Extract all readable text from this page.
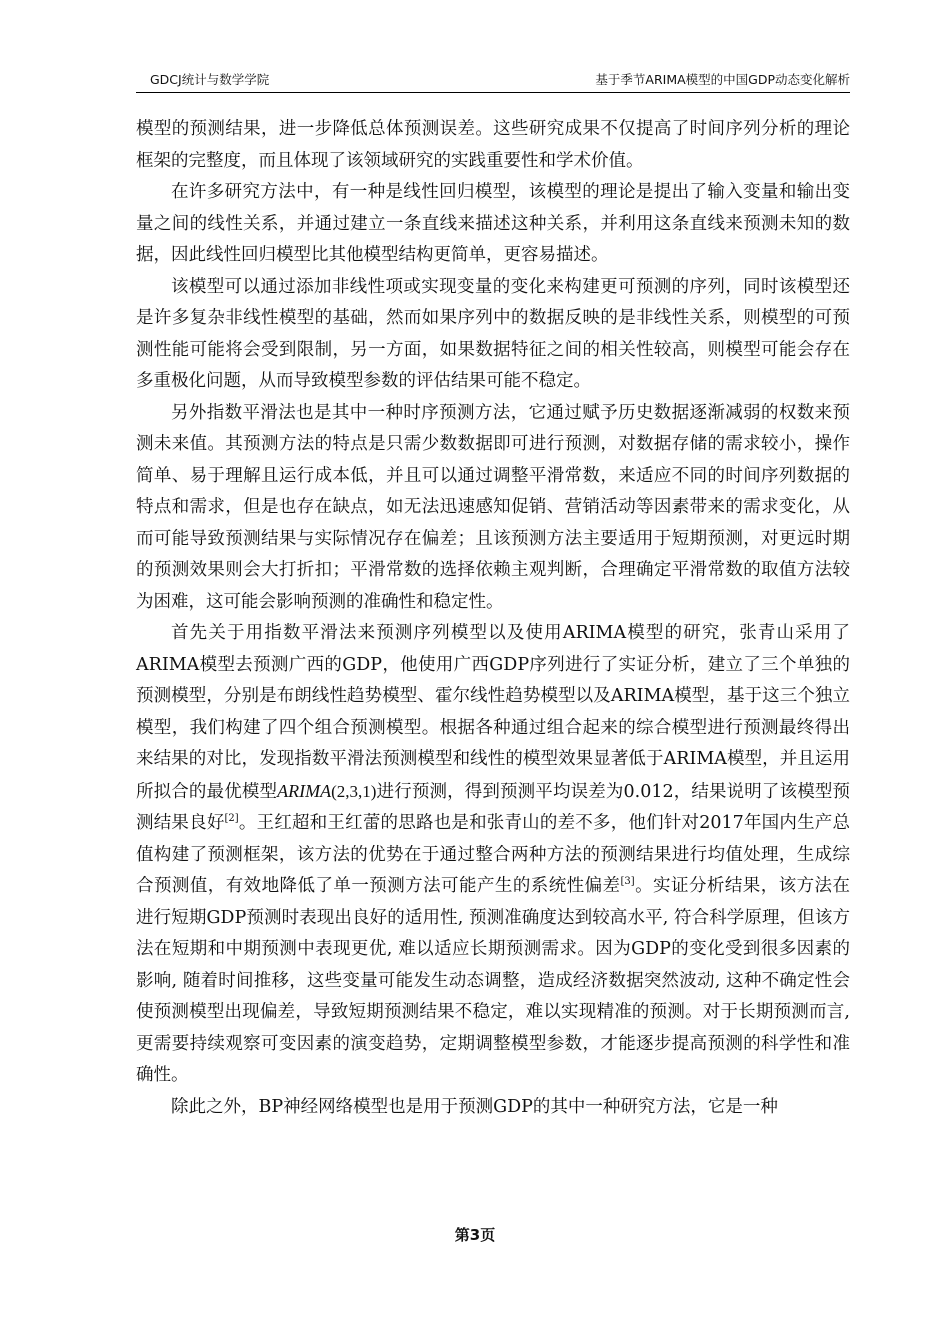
GDCJ统计与数学学院	基于季节ARIMA模型的中国GDP动态变化解析

模型的预测结果，进一步降低总体预测误差。这些研究成果不仅提高了时间序列分析的理论框架的完整度，而且体现了该领域研究的实践重要性和学术价值。

在许多研究方法中，有一种是线性回归模型，该模型的理论是提出了输入变量和输出变量之间的线性关系，并通过建立一条直线来描述这种关系，并利用这条直线来预测未知的数据，因此线性回归模型比其他模型结构更简单，更容易描述。

该模型可以通过添加非线性项或实现变量的变化来构建更可预测的序列，同时该模型还是许多复杂非线性模型的基础，然而如果序列中的数据反映的是非线性关系，则模型的可预测性能可能将会受到限制，另一方面，如果数据特征之间的相关性较高，则模型可能会存在多重极化问题，从而导致模型参数的评估结果可能不稳定。

另外指数平滑法也是其中一种时序预测方法，它通过赋予历史数据逐渐减弱的权数来预测未来值。其预测方法的特点是只需少数数据即可进行预测，对数据存储的需求较小，操作简单、易于理解且运行成本低，并且可以通过调整平滑常数，来适应不同的时间序列数据的特点和需求，但是也存在缺点，如无法迅速感知促销、营销活动等因素带来的需求变化，从而可能导致预测结果与实际情况存在偏差；且该预测方法主要适用于短期预测，对更远时期的预测效果则会大打折扣；平滑常数的选择依赖主观判断，合理确定平滑常数的取值方法较为困难，这可能会影响预测的准确性和稳定性。

首先关于用指数平滑法来预测序列模型以及使用ARIMA模型的研究，张青山采用了ARIMA模型去预测广西的GDP，他使用广西GDP序列进行了实证分析，建立了三个单独的预测模型，分别是布朗线性趋势模型、霍尔线性趋势模型以及ARIMA模型，基于这三个独立模型，我们构建了四个组合预测模型。根据各种通过组合起来的综合模型进行预测最终得出来结果的对比，发现指数平滑法预测模型和线性的模型效果显著低于ARIMA模型，并且运用所拟合的最优模型ARIMA(2,3,1)进行预测，得到预测平均误差为0.012，结果说明了该模型预测结果良好[2]。王红超和王红蕾的思路也是和张青山的差不多，他们针对2017年国内生产总值构建了预测框架，该方法的优势在于通过整合两种方法的预测结果进行均值处理，生成综合预测值，有效地降低了单一预测方法可能产生的系统性偏差[3]。实证分析结果，该方法在进行短期GDP预测时表现出良好的适用性, 预测准确度达到较高水平, 符合科学原理，但该方法在短期和中期预测中表现更优, 难以适应长期预测需求。因为GDP的变化受到很多因素的影响, 随着时间推移，这些变量可能发生动态调整，造成经济数据突然波动, 这种不确定性会使预测模型出现偏差，导致短期预测结果不稳定，难以实现精准的预测。对于长期预测而言, 更需要持续观察可变因素的演变趋势，定期调整模型参数，才能逐步提高预测的科学性和准确性。

除此之外，BP神经网络模型也是用于预测GDP的其中一种研究方法，它是一种

第3页
